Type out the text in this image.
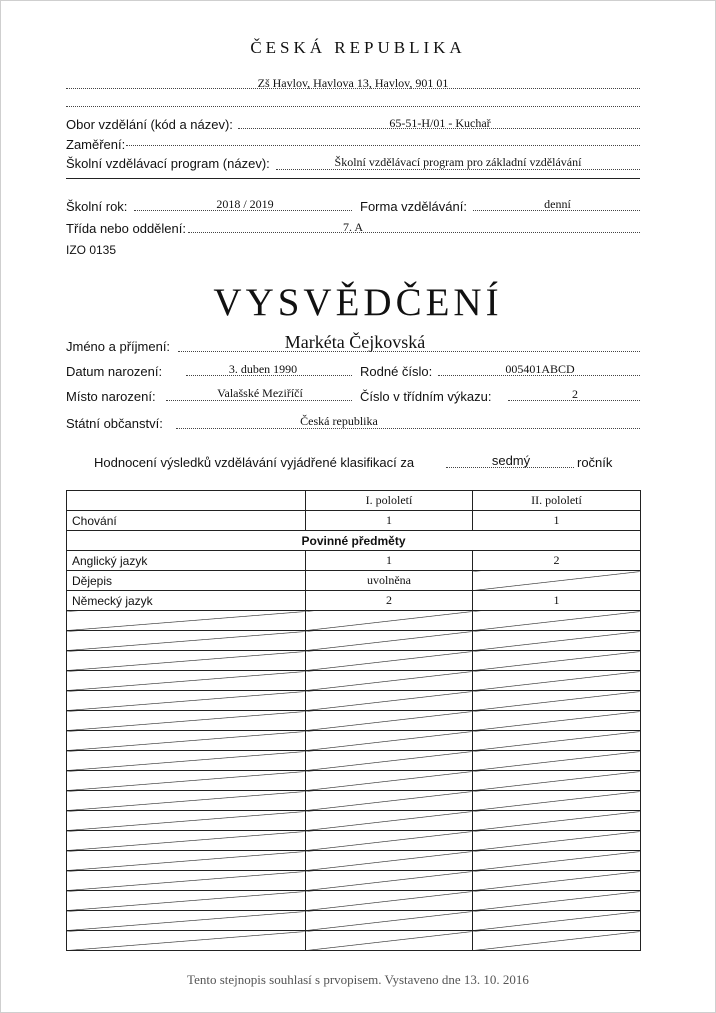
ČESKÁ REPUBLIKA
Zš Havlov, Havlova 13, Havlov, 901 01
Obor vzdělání (kód a název):	65-51-H/01 - Kuchař
Zaměření:
Školní vzdělávací program (název):	Školní vzdělávací program pro základní vzdělávání
Školní rok:	2018 / 2019	Forma vzdělávání:	denní
Třída nebo oddělení:	7. A
IZO 0135
VYSVĚDČENÍ
Jméno a příjmení:	Markéta Čejkovská
Datum narození:	3. duben 1990	Rodné číslo:	005401ABCD
Místo narození:	Valašské Meziříčí	Číslo v třídním výkazu:	2
Státní občanství:	Česká republika
Hodnocení výsledků vzdělávání vyjádřené klasifikací za	sedmý	ročník
	I. pololetí	II. pololetí
Chování	1	1
Povinné předměty		
Anglický jazyk	1	2
Dějepis	uvolněna	
Německý jazyk	2	1

Tento stejnopis souhlasí s prvopisem. Vystaveno dne 13. 10. 2016
